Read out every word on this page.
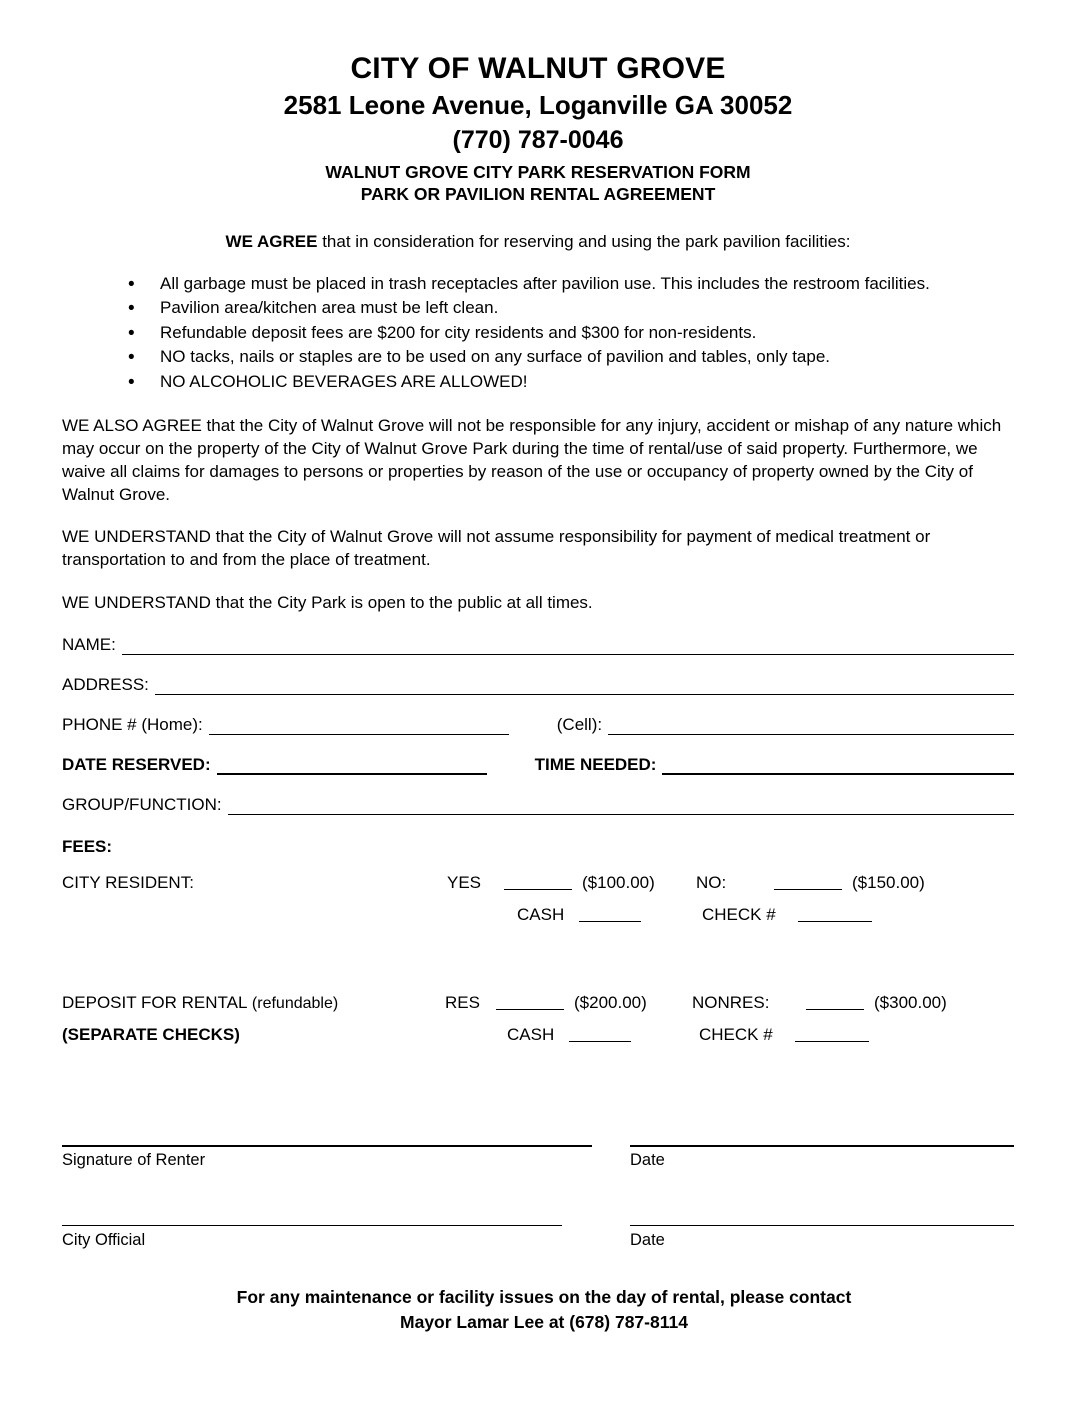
CITY OF WALNUT GROVE
2581 Leone Avenue, Loganville GA 30052
(770) 787-0046
WALNUT GROVE CITY PARK RESERVATION FORM
PARK OR PAVILION RENTAL AGREEMENT
WE AGREE that in consideration for reserving and using the park pavilion facilities:
• All garbage must be placed in trash receptacles after pavilion use. This includes the restroom facilities.
• Pavilion area/kitchen area must be left clean.
• Refundable deposit fees are $200 for city residents and $300 for non-residents.
• NO tacks, nails or staples are to be used on any surface of pavilion and tables, only tape.
• NO ALCOHOLIC BEVERAGES ARE ALLOWED!
WE ALSO AGREE that the City of Walnut Grove will not be responsible for any injury, accident or mishap of any nature which may occur on the property of the City of Walnut Grove Park during the time of rental/use of said property. Furthermore, we waive all claims for damages to persons or properties by reason of the use or occupancy of property owned by the City of Walnut Grove.
WE UNDERSTAND that the City of Walnut Grove will not assume responsibility for payment of medical treatment or transportation to and from the place of treatment.
WE UNDERSTAND that the City Park is open to the public at all times.
NAME:
ADDRESS:
PHONE # (Home):	(Cell):
DATE RESERVED:	TIME NEEDED:
GROUP/FUNCTION:
FEES:
CITY RESIDENT:	YES	($100.00) NO:	($150.00)
CASH	CHECK #
DEPOSIT FOR RENTAL (refundable)	RES	($200.00)	NONRES:	($300.00)
(SEPARATE CHECKS)	CASH	CHECK #
Signature of Renter	Date
City Official	Date
For any maintenance or facility issues on the day of rental, please contact
Mayor Lamar Lee at (678) 787-8114
